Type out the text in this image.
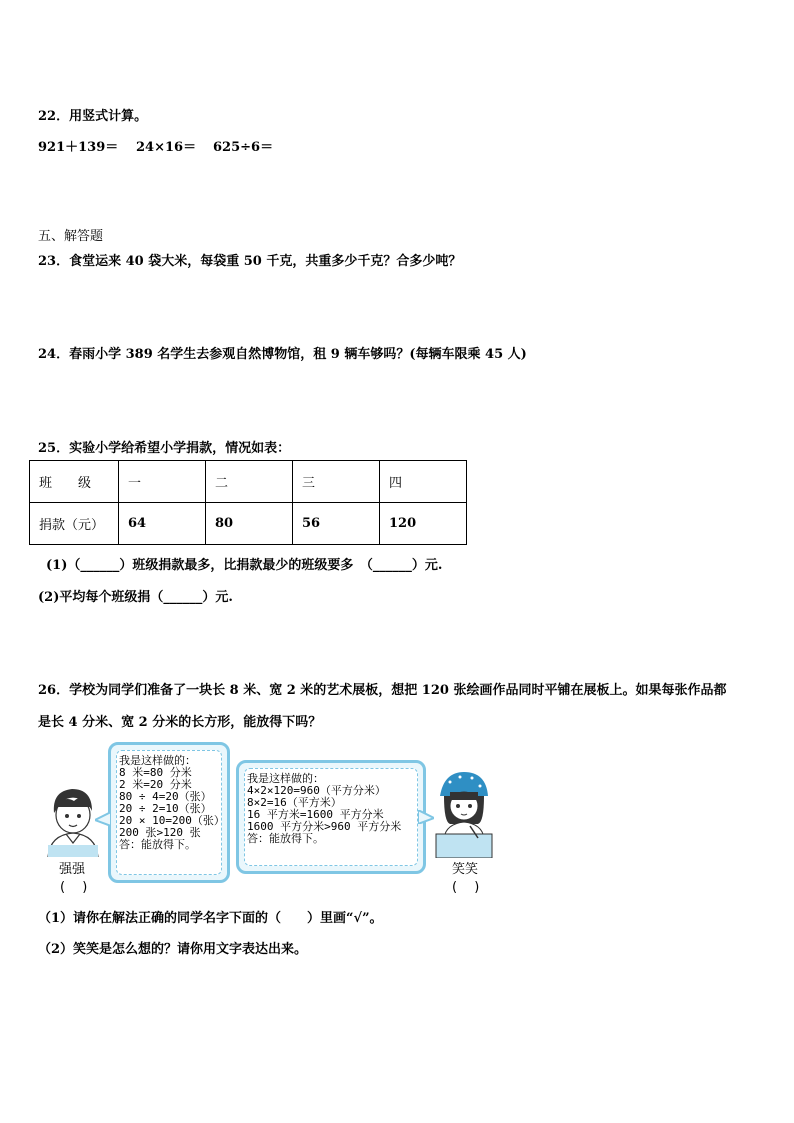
22．用竖式计算。
921＋139＝ 24×16＝ 625÷6＝
五、解答题
23．食堂运来 40 袋大米，每袋重 50 千克，共重多少千克？合多少吨？
24．春雨小学 389 名学生去参观自然博物馆，租 9 辆车够吗？(每辆车限乘 45 人)
25．实验小学给希望小学捐款，情况如表：
班　　级	一	二	三	四
捐款（元）	64	80	56	120
(1)（______）班级捐款最多，比捐款最少的班级要多　（______）元.
(2)平均每个班级捐（______）元.
26．学校为同学们准备了一块长 8 米、宽 2 米的艺术展板，想把 120 张绘画作品同时平铺在展板上。如果每张作品都
是长 4 分米、宽 2 分米的长方形，能放得下吗？
强强
(　 )
我是这样做的：
8 米=80 分米
2 米=20 分米
80 ÷ 4=20（张）
20 ÷ 2=10（张）
20 × 10=200（张）
200 张>120 张
答：能放得下。
我是这样做的：
4×2×120=960（平方分米）
8×2=16（平方米）
16 平方米=1600 平方分米
1600 平方分米>960 平方分米
答：能放得下。
笑笑
(　 )
（1）请你在解法正确的同学名字下面的（　　）里画“√”。
（2）笑笑是怎么想的？请你用文字表达出来。
